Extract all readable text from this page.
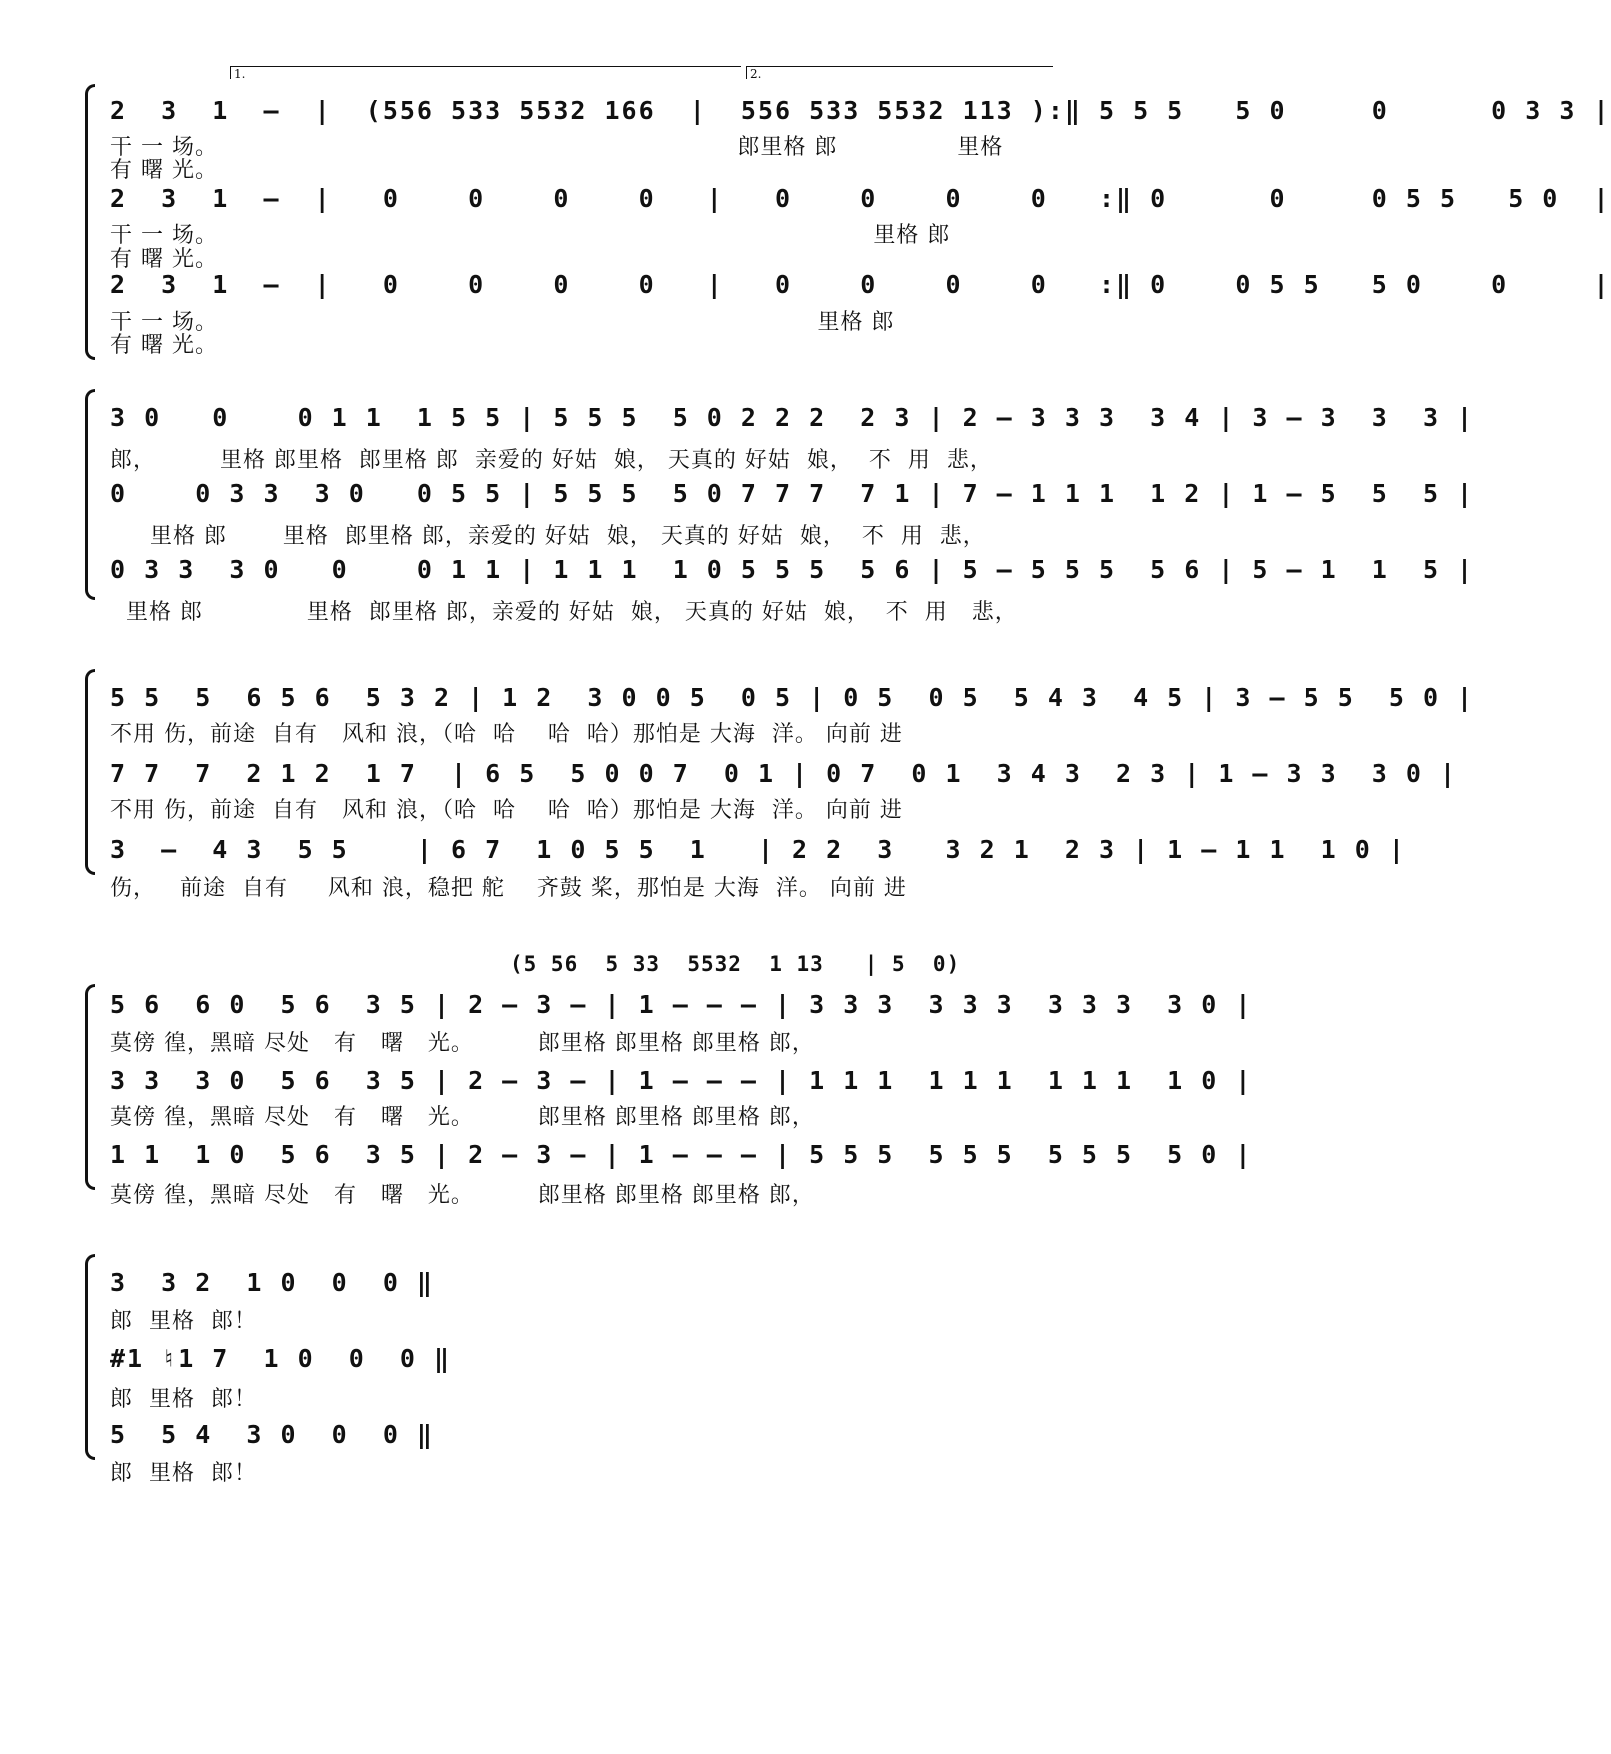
1.	2.
2  3  1  –  |  (556 533 5532 166  |  556 533 5532 113 ):‖ 5 5 5   5 0     0      0 3 3 |
干 一 场。                                                                 郎里格 郎               里格
有 曙 光。
2  3  1  –  |   0    0    0    0   |   0    0    0    0   :‖ 0      0     0 5 5   5 0  |
干 一 场。                                                                                  里格 郎
有 曙 光。
2  3  1  –  |   0    0    0    0   |   0    0    0    0   :‖ 0    0 5 5   5 0    0     |
干 一 场。                                                                           里格 郎
有 曙 光。
3 0   0    0 1 1  1 5 5 | 5 5 5  5 0 2 2 2  2 3 | 2 – 3 3 3  3 4 | 3 – 3  3  3 |
郎，        里格 郎里格  郎里格 郎  亲爱的 好姑  娘， 天真的 好姑  娘，  不  用  悲，
0    0 3 3  3 0   0 5 5 | 5 5 5  5 0 7 7 7  7 1 | 7 – 1 1 1  1 2 | 1 – 5  5  5 |
里格 郎       里格  郎里格 郎，亲爱的 好姑  娘， 天真的 好姑  娘，  不  用  悲，
0 3 3  3 0   0    0 1 1 | 1 1 1  1 0 5 5 5  5 6 | 5 – 5 5 5  5 6 | 5 – 1  1  5 |
里格 郎             里格  郎里格 郎，亲爱的 好姑  娘， 天真的 好姑  娘，  不  用   悲，
5 5  5  6 5 6  5 3 2 | 1 2  3 0 0 5  0 5 | 0 5  0 5  5 4 3  4 5 | 3 – 5 5  5 0 |
不用 伤，前途  自有   风和 浪，（哈  哈    哈  哈）那怕是 大海  洋。 向前 进
7 7  7  2 1 2  1 7  | 6 5  5 0 0 7  0 1 | 0 7  0 1  3 4 3  2 3 | 1 – 3 3  3 0 |
不用 伤，前途  自有   风和 浪，（哈  哈    哈  哈）那怕是 大海  洋。 向前 进
3  –  4 3  5 5    | 6 7  1 0 5 5  1   | 2 2  3   3 2 1  2 3 | 1 – 1 1  1 0 |
伤，   前途  自有     风和 浪，稳把 舵    齐鼓 桨，那怕是 大海  洋。 向前 进
(5 56  5 33  5532  1 13   | 5  0)
5 6  6 0  5 6  3 5 | 2 – 3 – | 1 – – – | 3 3 3  3 3 3  3 3 3  3 0 |
莫傍 徨，黑暗 尽处   有   曙   光。        郎里格 郎里格 郎里格 郎，
3 3  3 0  5 6  3 5 | 2 – 3 – | 1 – – – | 1 1 1  1 1 1  1 1 1  1 0 |
莫傍 徨，黑暗 尽处   有   曙   光。        郎里格 郎里格 郎里格 郎，
1 1  1 0  5 6  3 5 | 2 – 3 – | 1 – – – | 5 5 5  5 5 5  5 5 5  5 0 |
莫傍 徨，黑暗 尽处   有   曙   光。        郎里格 郎里格 郎里格 郎，
3  3 2  1 0  0  0 ‖
郎  里格  郎！
#1 ♮1 7  1 0  0  0 ‖
郎  里格  郎！
5  5 4  3 0  0  0 ‖
郎  里格  郎！
